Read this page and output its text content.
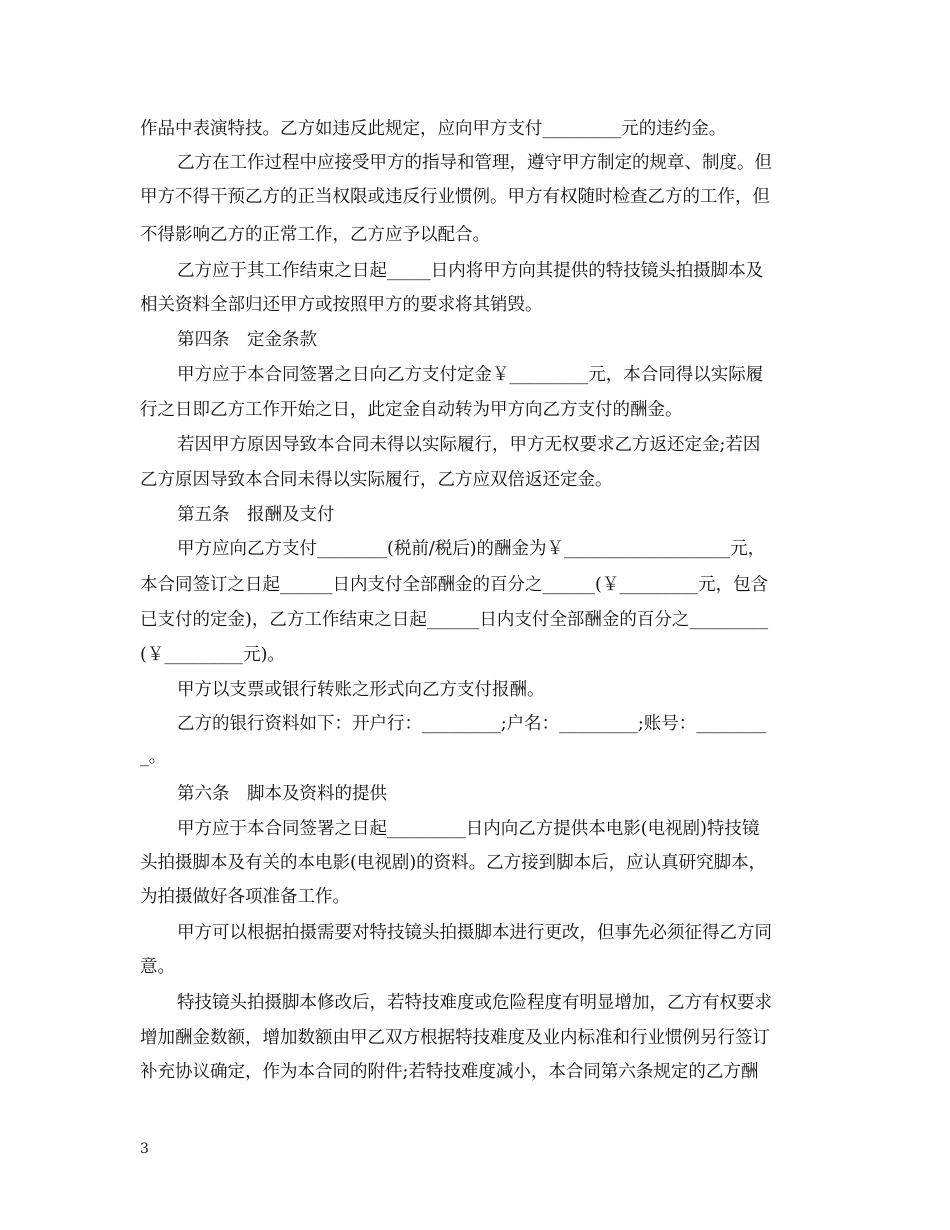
作品中表演特技。乙方如违反此规定，应向甲方支付_________元的违约金。
乙方在工作过程中应接受甲方的指导和管理，遵守甲方制定的规章、制度。但
甲方不得干预乙方的正当权限或违反行业惯例。甲方有权随时检查乙方的工作，但
不得影响乙方的正常工作，乙方应予以配合。
乙方应于其工作结束之日起_____日内将甲方向其提供的特技镜头拍摄脚本及
相关资料全部归还甲方或按照甲方的要求将其销毁。
第四条　定金条款
甲方应于本合同签署之日向乙方支付定金￥_________元，本合同得以实际履
行之日即乙方工作开始之日，此定金自动转为甲方向乙方支付的酬金。
若因甲方原因导致本合同未得以实际履行，甲方无权要求乙方返还定金;若因
乙方原因导致本合同未得以实际履行，乙方应双倍返还定金。
第五条　报酬及支付
甲方应向乙方支付________(税前/税后)的酬金为￥___________________元，
本合同签订之日起______日内支付全部酬金的百分之______(￥_________元，包含
已支付的定金)，乙方工作结束之日起______日内支付全部酬金的百分之_________
(￥_________元)。
甲方以支票或银行转账之形式向乙方支付报酬。
乙方的银行资料如下：开户行：_________;户名：_________;账号：________
_。
第六条　脚本及资料的提供
甲方应于本合同签署之日起_________日内向乙方提供本电影(电视剧)特技镜
头拍摄脚本及有关的本电影(电视剧)的资料。乙方接到脚本后，应认真研究脚本，
为拍摄做好各项准备工作。
甲方可以根据拍摄需要对特技镜头拍摄脚本进行更改，但事先必须征得乙方同
意。
特技镜头拍摄脚本修改后，若特技难度或危险程度有明显增加，乙方有权要求
增加酬金数额，增加数额由甲乙双方根据特技难度及业内标准和行业惯例另行签订
补充协议确定，作为本合同的附件;若特技难度减小，本合同第六条规定的乙方酬
3
